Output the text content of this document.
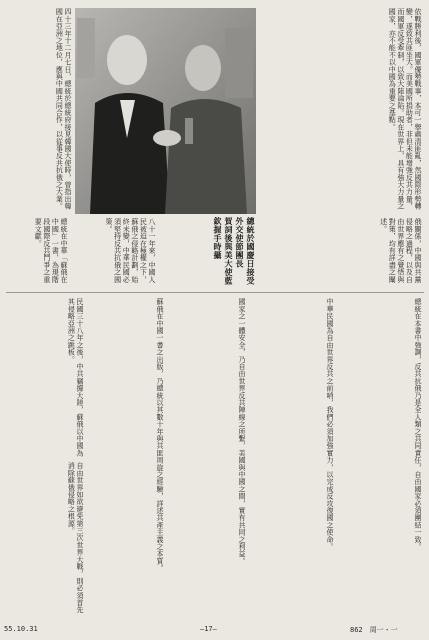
依戰勝利後，國軍優勢戰事，本可一舉肅清匪亂，然國際形勢轉變，遂致共匪坐大。而美國所捐助者，非但未能增強反共力量，而國軍反受牽制，以致大陸淪陷。現在世界上，具有強大力量之國家，亦不能不以中國為重要之基點。
總統於國慶日接受外交使節團長
賀詞後與美大使藍欽握手時攝
四十三年十二月七日，總統於總統府接見韓國大使時，曾指出韓國在亞洲之地位，應與中國共同合作，以從事反共抗俄之大業。
總統在中華「蘇俄在中國」一書，為現階段國際反共鬥爭之重要文獻。	八十一年來，中國人民被迫在極權之下，蘇俄之侵略計劃，始終未變，中華民國必須堅持反共抗俄之國策。	俄關係，中國與共黨侵略之過程，以及自由世界應有之覺悟與對策，均有詳盡之闡述。
總統在本書中強調，反共抗俄乃是全人類之共同責任，自由國家必須團結一致。
中華民國為自由世界反共之前哨，我們必須加強實力，以完成反攻復國之使命。
國家之一體安全，乃自由世界反共陣線之所繫，美國與中國之間，實有共同之利益。
蘇俄在中國一書之出版，乃總統以其數十年與共匪周旋之經驗，詳述共產主義之本質。
民國三十八年之後，中共竊據大陸，蘇俄以中國為其侵略亞洲之跳板。
自由世界如欲避免第三次世界大戰，則必須首先消除蘇俄侵略之根源。
55.10.31	—17—	862　周一・一
